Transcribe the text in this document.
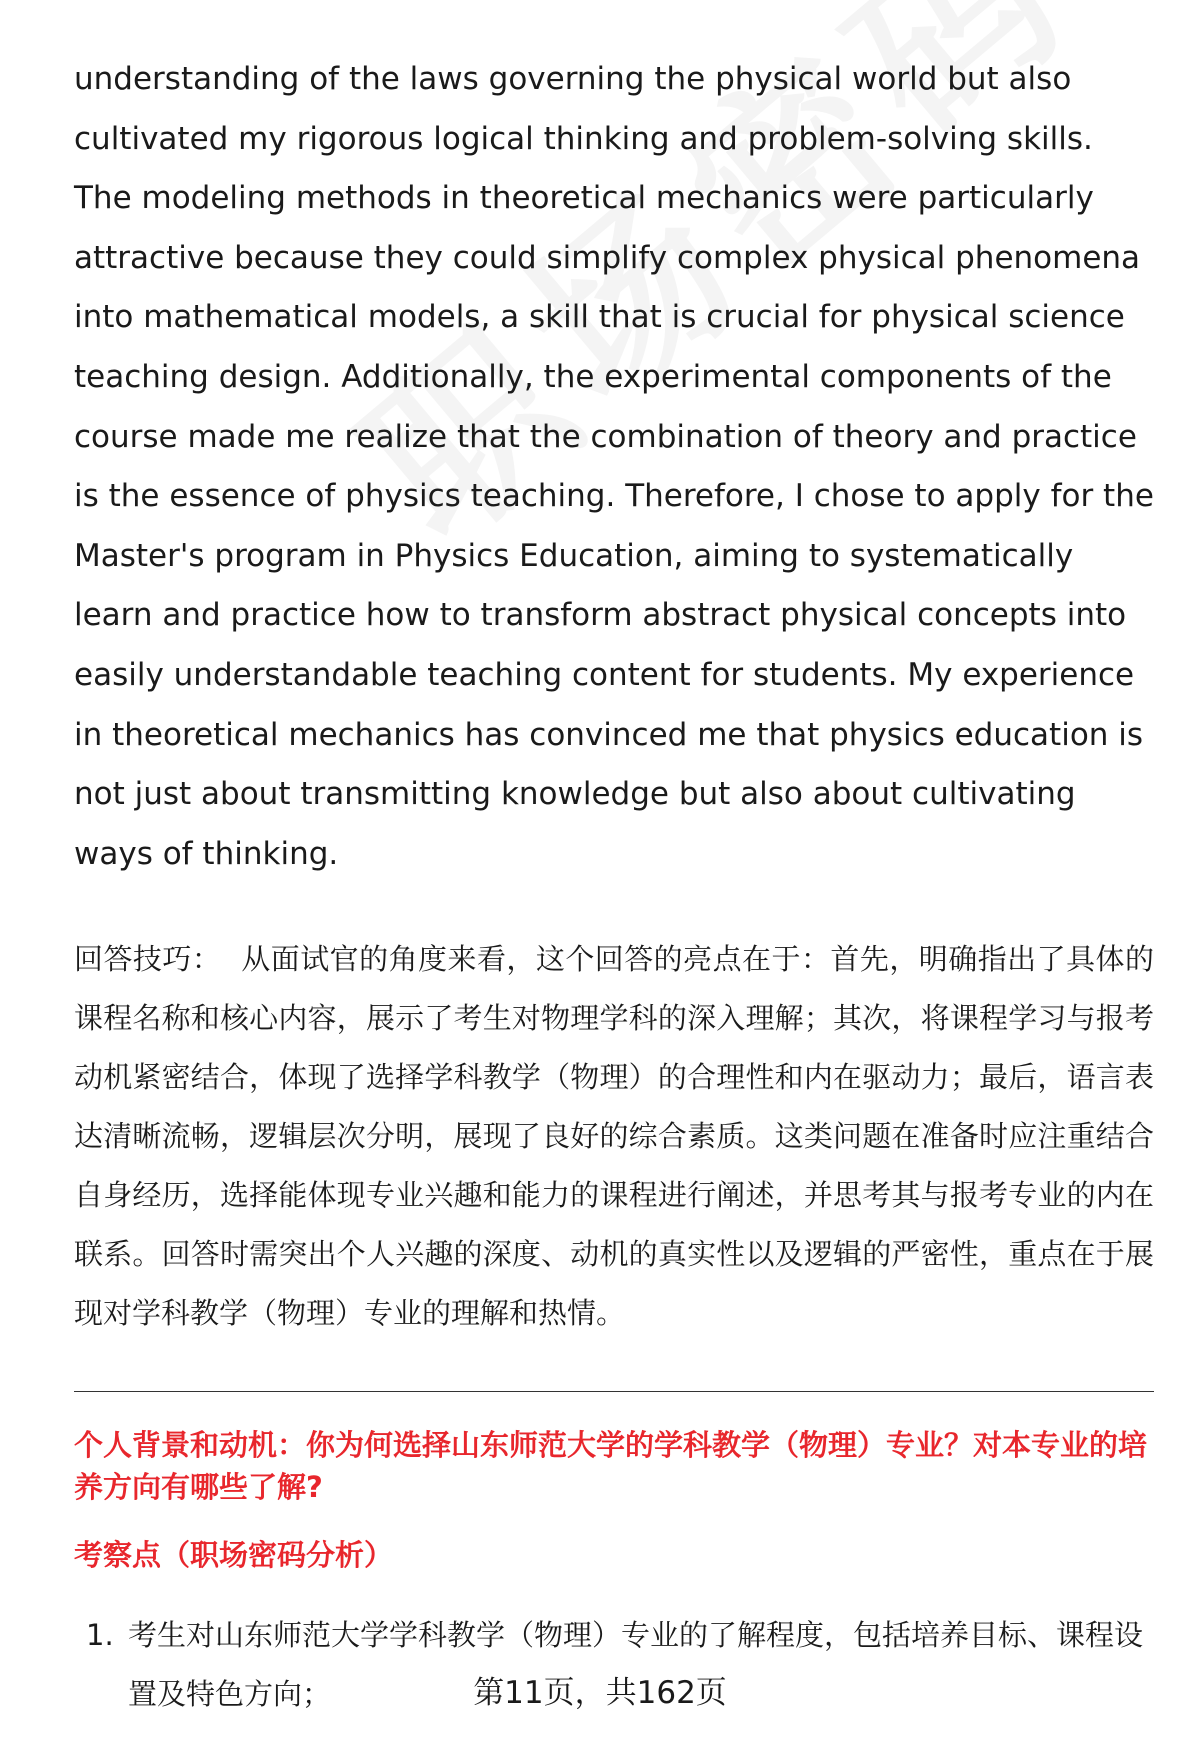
understanding of the laws governing the physical world but also cultivated my rigorous logical thinking and problem-solving skills. The modeling methods in theoretical mechanics were particularly attractive because they could simplify complex physical phenomena into mathematical models, a skill that is crucial for physical science teaching design. Additionally, the experimental components of the course made me realize that the combination of theory and practice is the essence of physics teaching. Therefore, I chose to apply for the Master's program in Physics Education, aiming to systematically learn and practice how to transform abstract physical concepts into easily understandable teaching content for students. My experience in theoretical mechanics has convinced me that physics education is not just about transmitting knowledge but also about cultivating ways of thinking.

回答技巧： 从面试官的角度来看，这个回答的亮点在于：首先，明确指出了具体的课程名称和核心内容，展示了考生对物理学科的深入理解；其次，将课程学习与报考动机紧密结合，体现了选择学科教学（物理）的合理性和内在驱动力；最后，语言表达清晰流畅，逻辑层次分明，展现了良好的综合素质。这类问题在准备时应注重结合自身经历，选择能体现专业兴趣和能力的课程进行阐述，并思考其与报考专业的内在联系。回答时需突出个人兴趣的深度、动机的真实性以及逻辑的严密性，重点在于展现对学科教学（物理）专业的理解和热情。

个人背景和动机：你为何选择山东师范大学的学科教学（物理）专业？对本专业的培养方向有哪些了解?
考察点（职场密码分析）
1. 考生对山东师范大学学科教学（物理）专业的了解程度，包括培养目标、课程设置及特色方向；	第11页，共162页
